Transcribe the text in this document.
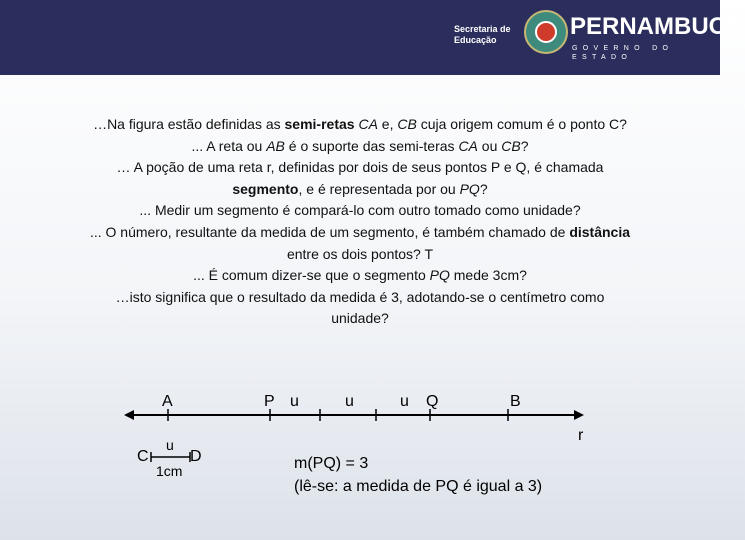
Secretaria de
Educação	PERNAMBUCO
GOVERNO DO ESTADO

…Na figura estão definidas as semi-retas CA e, CB cuja origem comum é o ponto C?

... A reta ou AB é o suporte das semi-teras CA ou CB?

… A poção de uma reta r, definidas por dois de seus pontos P e Q, é chamada

segmento, e é representada por ou PQ?

... Medir um segmento é compará-lo com outro tomado como unidade?

... O número, resultante da medida de um segmento, é também chamado de distância

entre os dois pontos? T

... É comum dizer-se que o segmento PQ mede 3cm?

…isto significa que o resultado da medida é 3, adotando-se o centímetro como

unidade?

A	P u	u	u Q	B
r
C
u
D
1cm	m(PQ) = 3
(lê-se: a medida de PQ é igual a 3)
